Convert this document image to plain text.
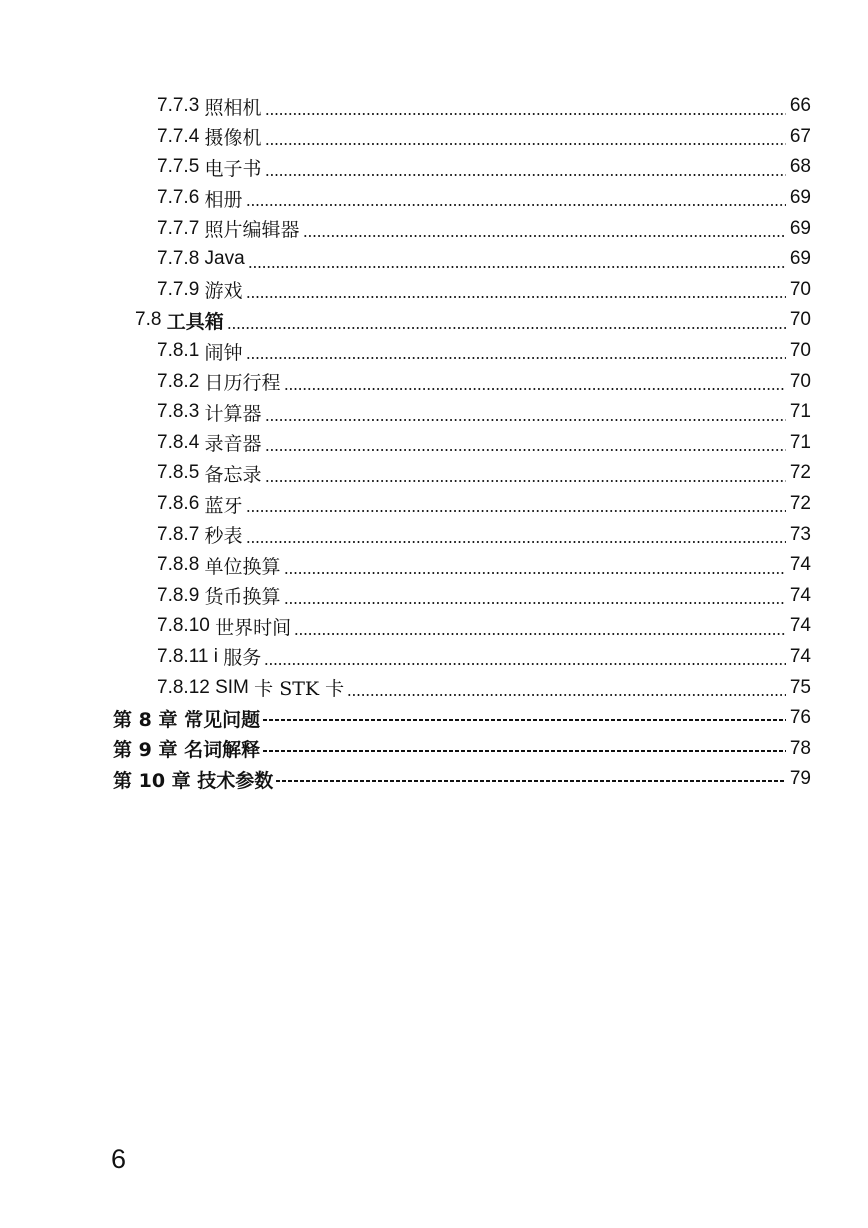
7.7.3 照相机	66
7.7.4 摄像机	67
7.7.5 电子书	68
7.7.6 相册	69
7.7.7 照片编辑器	69
7.7.8 Java	69
7.7.9 游戏	70
7.8 工具箱	70
7.8.1 闹钟	70
7.8.2 日历行程	70
7.8.3 计算器	71
7.8.4 录音器	71
7.8.5 备忘录	72
7.8.6 蓝牙	72
7.8.7 秒表	73
7.8.8 单位换算	74
7.8.9 货币换算	74
7.8.10 世界时间	74
7.8.11 i 服务	74
7.8.12 SIM 卡 STK 卡	75
第 8 章 常见问题	76
第 9 章 名词解释	78
第 10 章 技术参数	79
6
